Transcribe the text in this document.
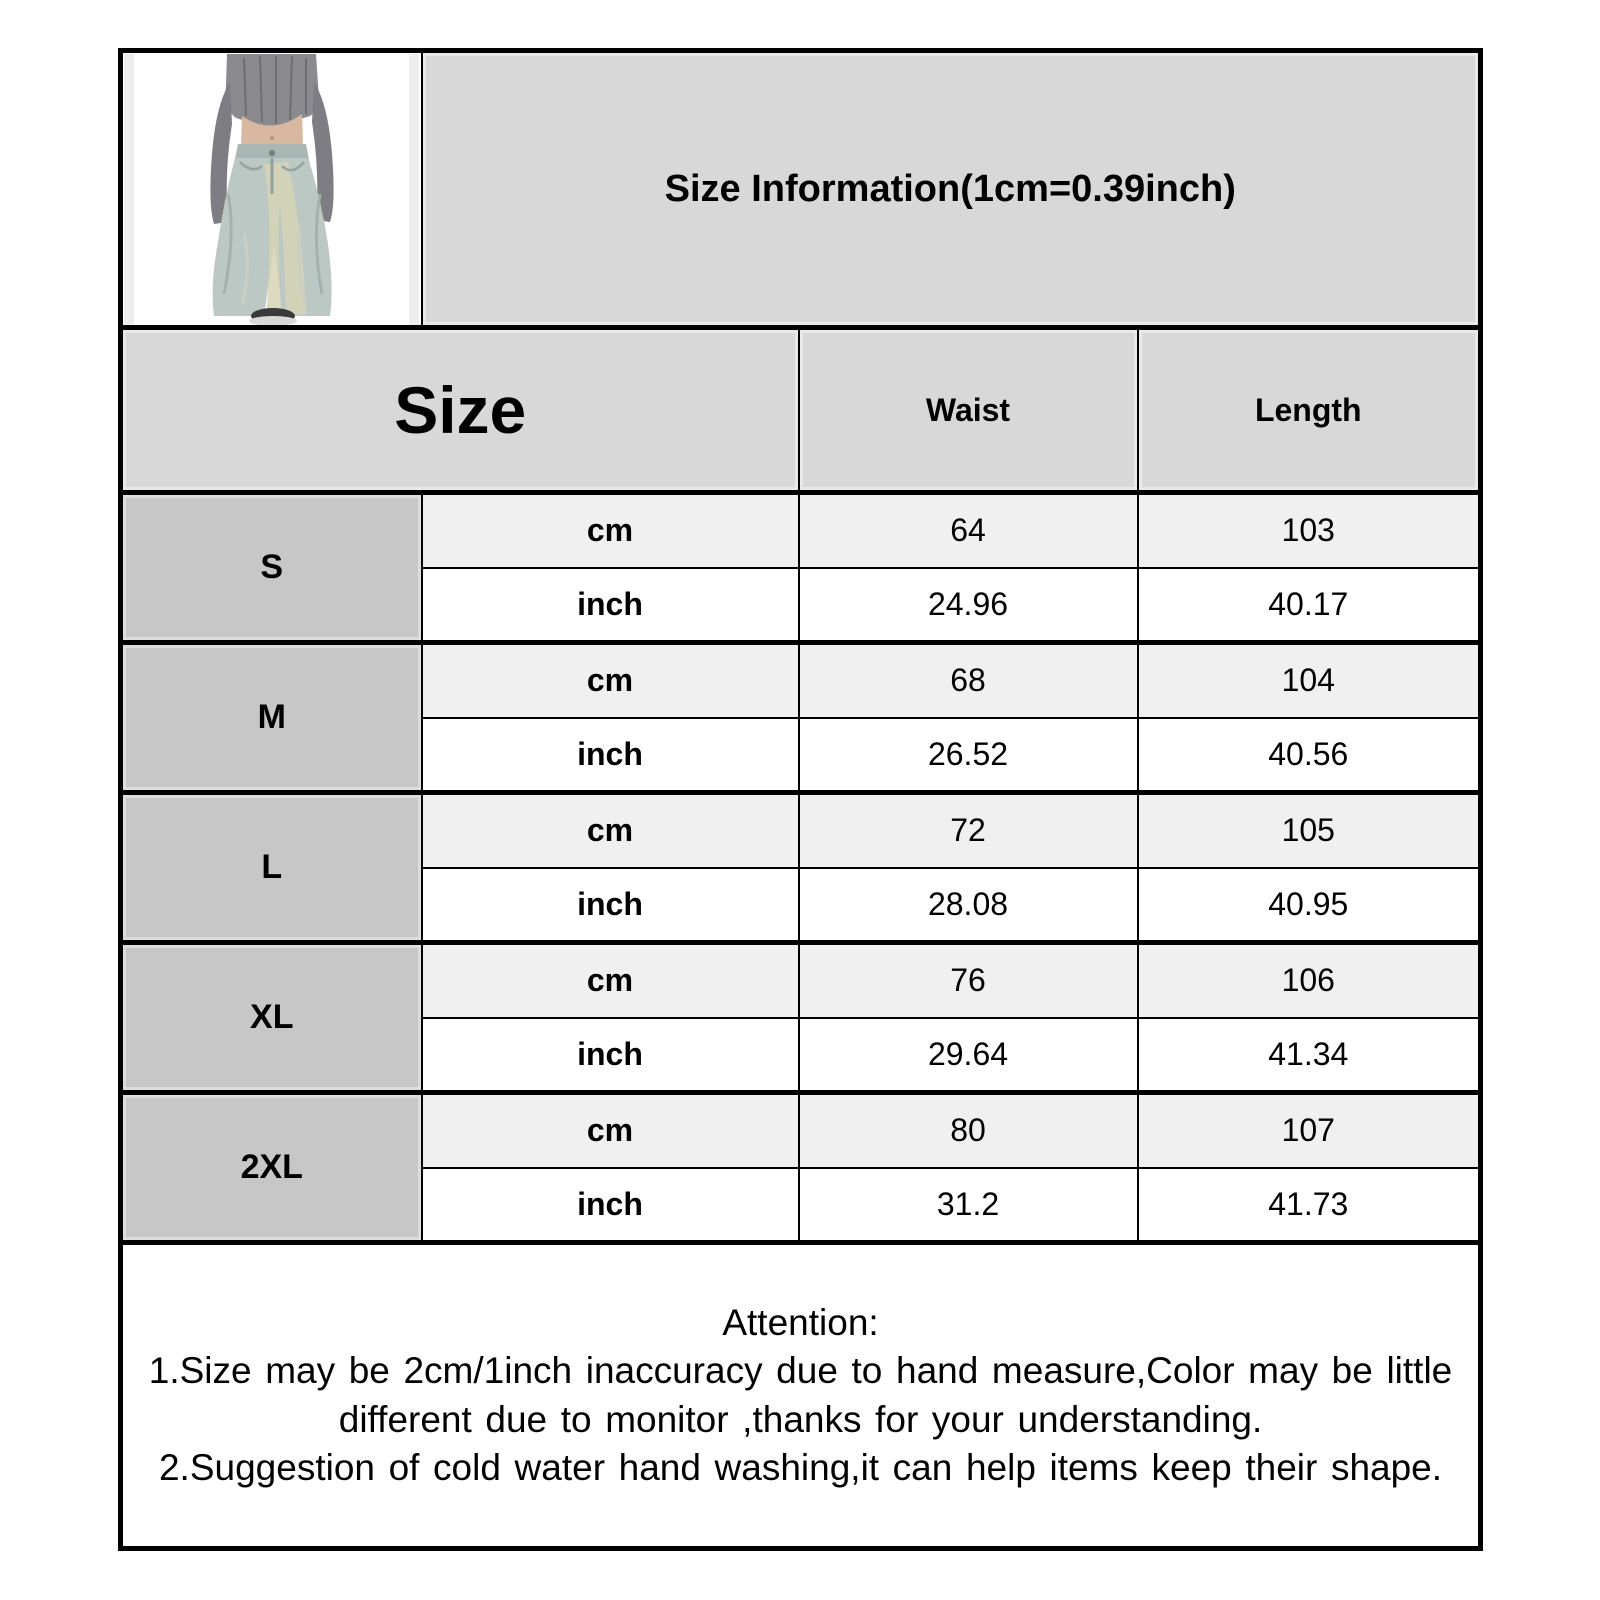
	Size Information(1cm=0.39inch)		
Size		Waist	Length
S	cm	64	103
	inch	24.96	40.17
M	cm	68	104
	inch	26.52	40.56
L	cm	72	105
	inch	28.08	40.95
XL	cm	76	106
	inch	29.64	41.34
2XL	cm	80	107
	inch	31.2	41.73

Attention:
1.Size may be 2cm/1inch inaccuracy due to hand measure,Color may be little different due to monitor ,thanks for your understanding.
2.Suggestion of cold water hand washing,it can help items keep their shape.			
